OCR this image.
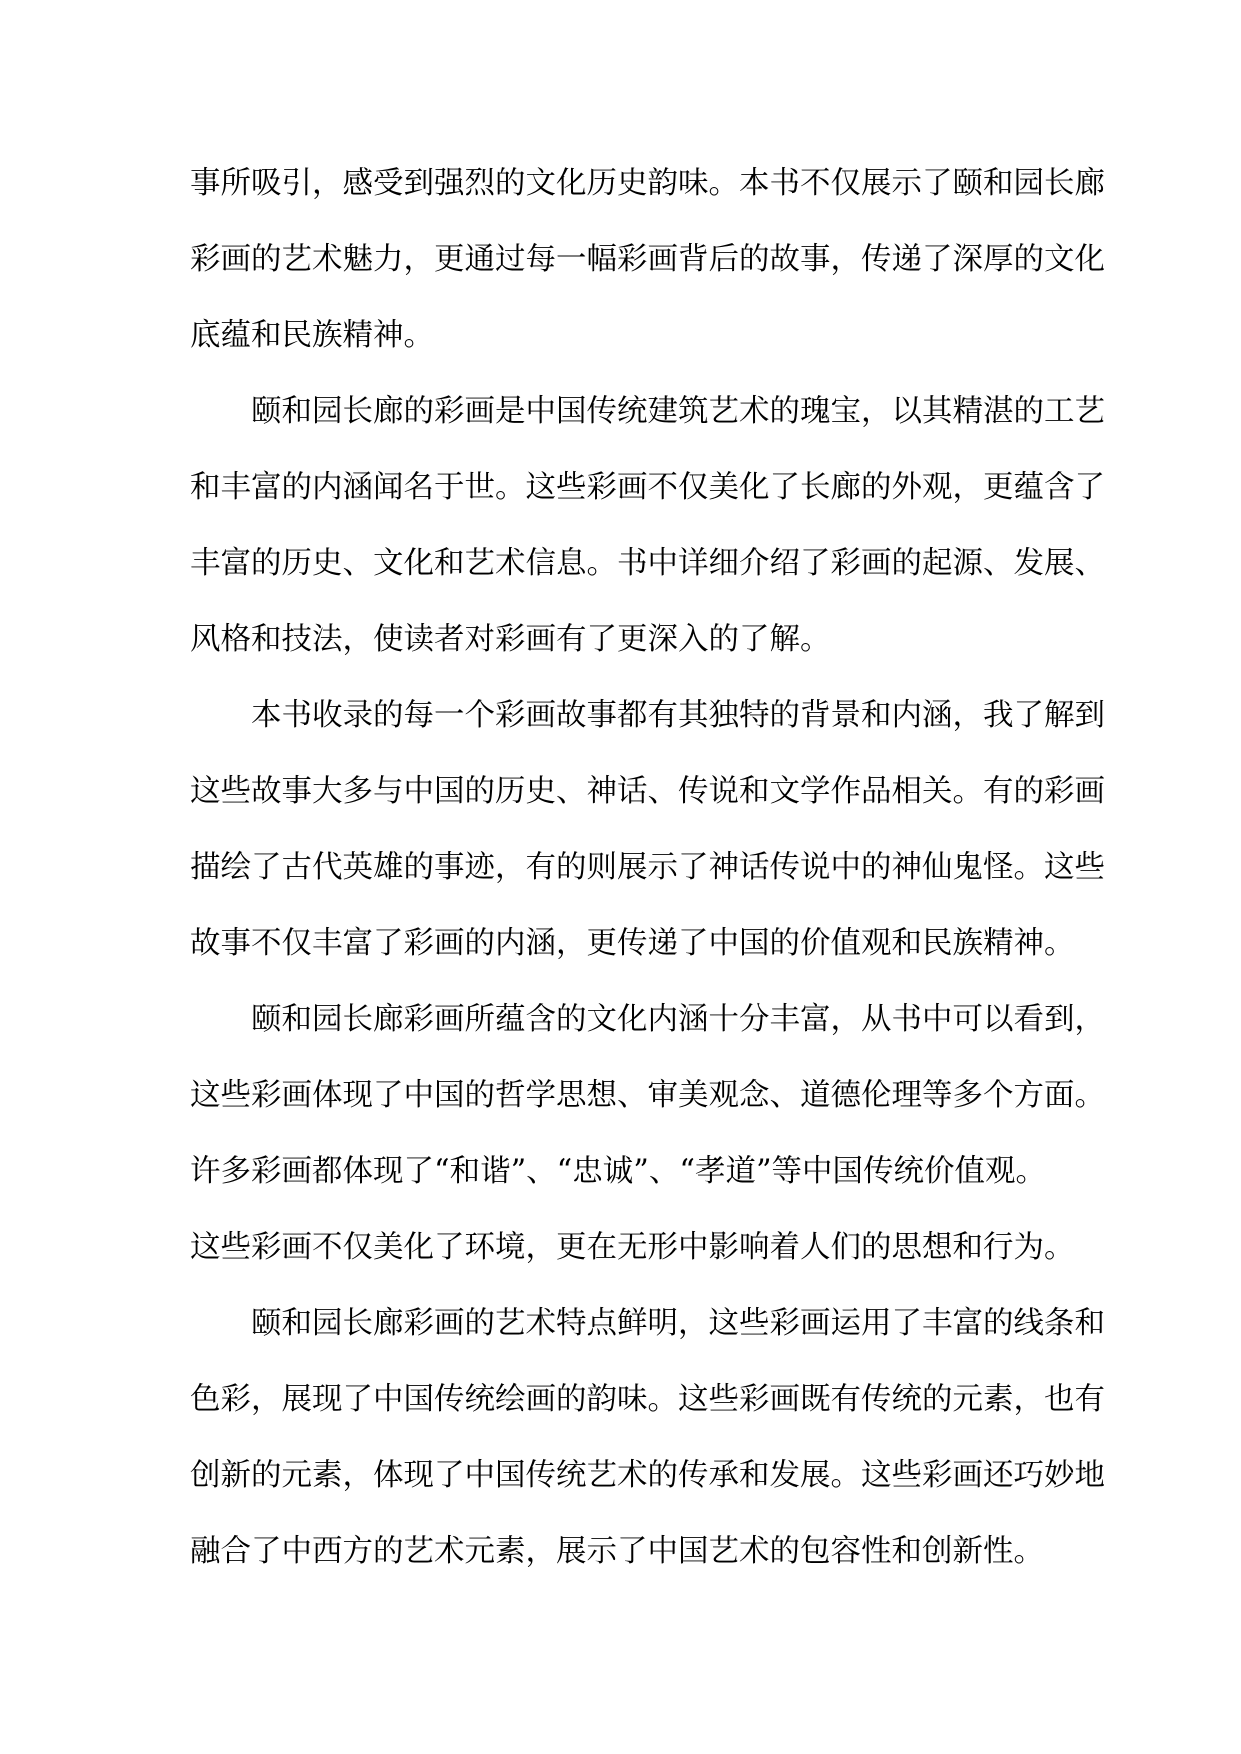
事所吸引，感受到强烈的文化历史韵味。本书不仅展示了颐和园长廊
彩画的艺术魅力，更通过每一幅彩画背后的故事，传递了深厚的文化
底蕴和民族精神。
颐和园长廊的彩画是中国传统建筑艺术的瑰宝，以其精湛的工艺
和丰富的内涵闻名于世。这些彩画不仅美化了长廊的外观，更蕴含了
丰富的历史、文化和艺术信息。书中详细介绍了彩画的起源、发展、
风格和技法，使读者对彩画有了更深入的了解。
本书收录的每一个彩画故事都有其独特的背景和内涵，我了解到
这些故事大多与中国的历史、神话、传说和文学作品相关。有的彩画
描绘了古代英雄的事迹，有的则展示了神话传说中的神仙鬼怪。这些
故事不仅丰富了彩画的内涵，更传递了中国的价值观和民族精神。
颐和园长廊彩画所蕴含的文化内涵十分丰富，从书中可以看到，
这些彩画体现了中国的哲学思想、审美观念、道德伦理等多个方面。
许多彩画都体现了“和谐”、“忠诚”、“孝道”等中国传统价值观。
这些彩画不仅美化了环境，更在无形中影响着人们的思想和行为。
颐和园长廊彩画的艺术特点鲜明，这些彩画运用了丰富的线条和
色彩，展现了中国传统绘画的韵味。这些彩画既有传统的元素，也有
创新的元素，体现了中国传统艺术的传承和发展。这些彩画还巧妙地
融合了中西方的艺术元素，展示了中国艺术的包容性和创新性。
